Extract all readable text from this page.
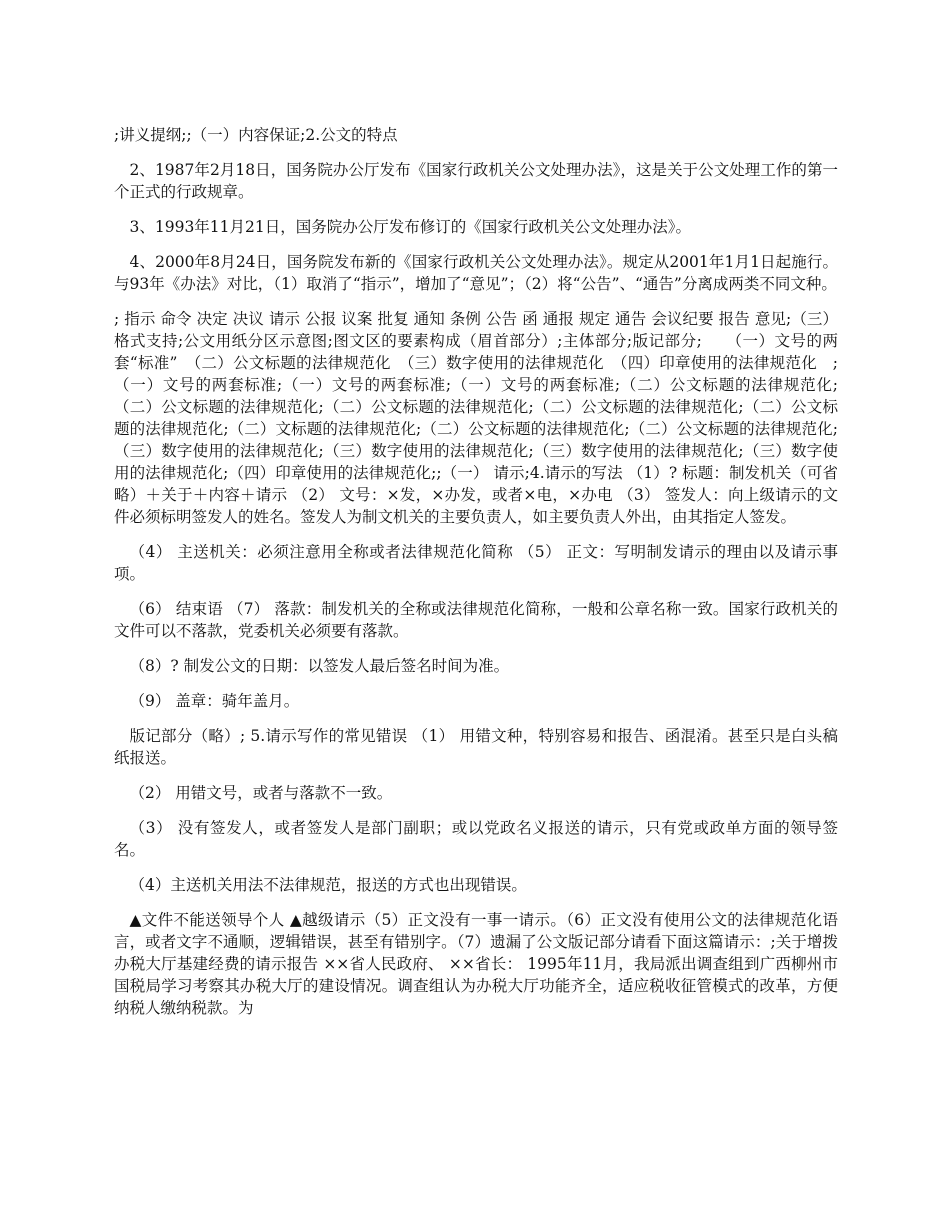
;讲义提纲;;（一）内容保证;2.公文的特点

2、1987年2月18日，国务院办公厅发布《国家行政机关公文处理办法》，这是关于公文处理工作的第一个正式的行政规章。

3、1993年11月21日，国务院办公厅发布修订的《国家行政机关公文处理办法》。

4、2000年8月24日，国务院发布新的《国家行政机关公文处理办法》。规定从2001年1月1日起施行。与93年《办法》对比，（1）取消了“指示”，增加了“意见”；（2）将“公告”、“通告”分离成两类不同文种。

; 指示 命令 决定 决议 请示 公报 议案 批复 通知 条例 公告 函 通报 规定 通告 会议纪要 报告 意见;（三）格式支持;公文用纸分区示意图;图文区的要素构成（眉首部分）;主体部分;版记部分;　　（一）文号的两套“标准”　（二）公文标题的法律规范化　（三）数字使用的法律规范化　（四）印章使用的法律规范化　;（一）文号的两套标准;（一）文号的两套标准;（一）文号的两套标准;（二）公文标题的法律规范化;（二）公文标题的法律规范化;（二）公文标题的法律规范化;（二）公文标题的法律规范化;（二）公文标题的法律规范化;（二）文标题的法律规范化;（二）公文标题的法律规范化;（二）公文标题的法律规范化;（三）数字使用的法律规范化;（三）数字使用的法律规范化;（三）数字使用的法律规范化;（三）数字使用的法律规范化;（四）印章使用的法律规范化;;（一） 请示;4.请示的写法 （1）? 标题：制发机关（可省略）＋关于＋内容＋请示 （2） 文号：×发，×办发，或者×电，×办电 （3） 签发人：向上级请示的文件必须标明签发人的姓名。签发人为制文机关的主要负责人，如主要负责人外出，由其指定人签发。

（4） 主送机关：必须注意用全称或者法律规范化简称 （5） 正文：写明制发请示的理由以及请示事项。

（6） 结束语 （7） 落款：制发机关的全称或法律规范化简称，一般和公章名称一致。国家行政机关的文件可以不落款，党委机关必须要有落款。

（8）? 制发公文的日期：以签发人最后签名时间为准。

（9） 盖章：骑年盖月。

版记部分（略）; 5.请示写作的常见错误 （1） 用错文种，特别容易和报告、函混淆。甚至只是白头稿纸报送。

（2） 用错文号，或者与落款不一致。

（3） 没有签发人，或者签发人是部门副职；或以党政名义报送的请示，只有党或政单方面的领导签名。

（4）主送机关用法不法律规范，报送的方式也出现错误。

▲文件不能送领导个人 ▲越级请示（5）正文没有一事一请示。（6）正文没有使用公文的法律规范化语言，或者文字不通顺，逻辑错误，甚至有错别字。（7）遗漏了公文版记部分请看下面这篇请示：;关于增拨办税大厅基建经费的请示报告 ××省人民政府、 ××省长： 1995年11月，我局派出调查组到广西柳州市国税局学习考察其办税大厅的建设情况。调查组认为办税大厅功能齐全，适应税收征管模式的改革，方便纳税人缴纳税款。为
